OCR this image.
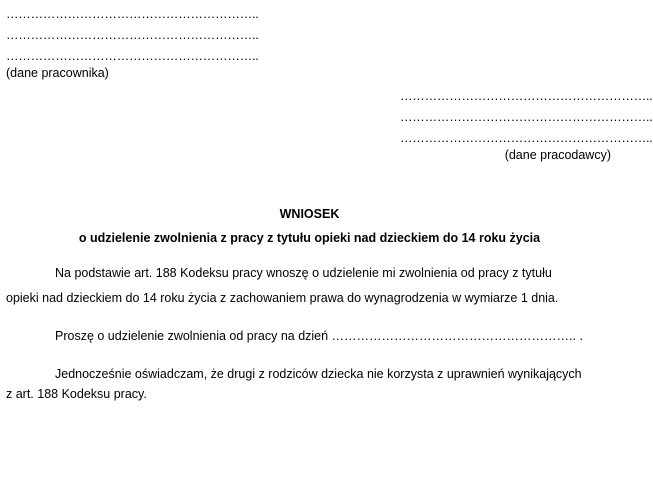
……………………………………………………..
……………………………………………………..
……………………………………………………..
(dane pracownika)
……………………………………………………..
……………………………………………………..
……………………………………………………..
(dane pracodawcy)
WNIOSEK
o udzielenie zwolnienia z pracy z tytułu opieki nad dzieckiem do 14 roku życia
Na podstawie art. 188 Kodeksu pracy wnoszę o udzielenie mi zwolnienia od pracy z tytułu
opieki nad dzieckiem do 14 roku życia z zachowaniem prawa do wynagrodzenia w wymiarze 1 dnia.
Proszę o udzielenie zwolnienia od pracy na dzień ………………………………………………….. .
Jednocześnie oświadczam, że drugi z rodziców dziecka nie korzysta z uprawnień wynikających
z art. 188 Kodeksu pracy.
